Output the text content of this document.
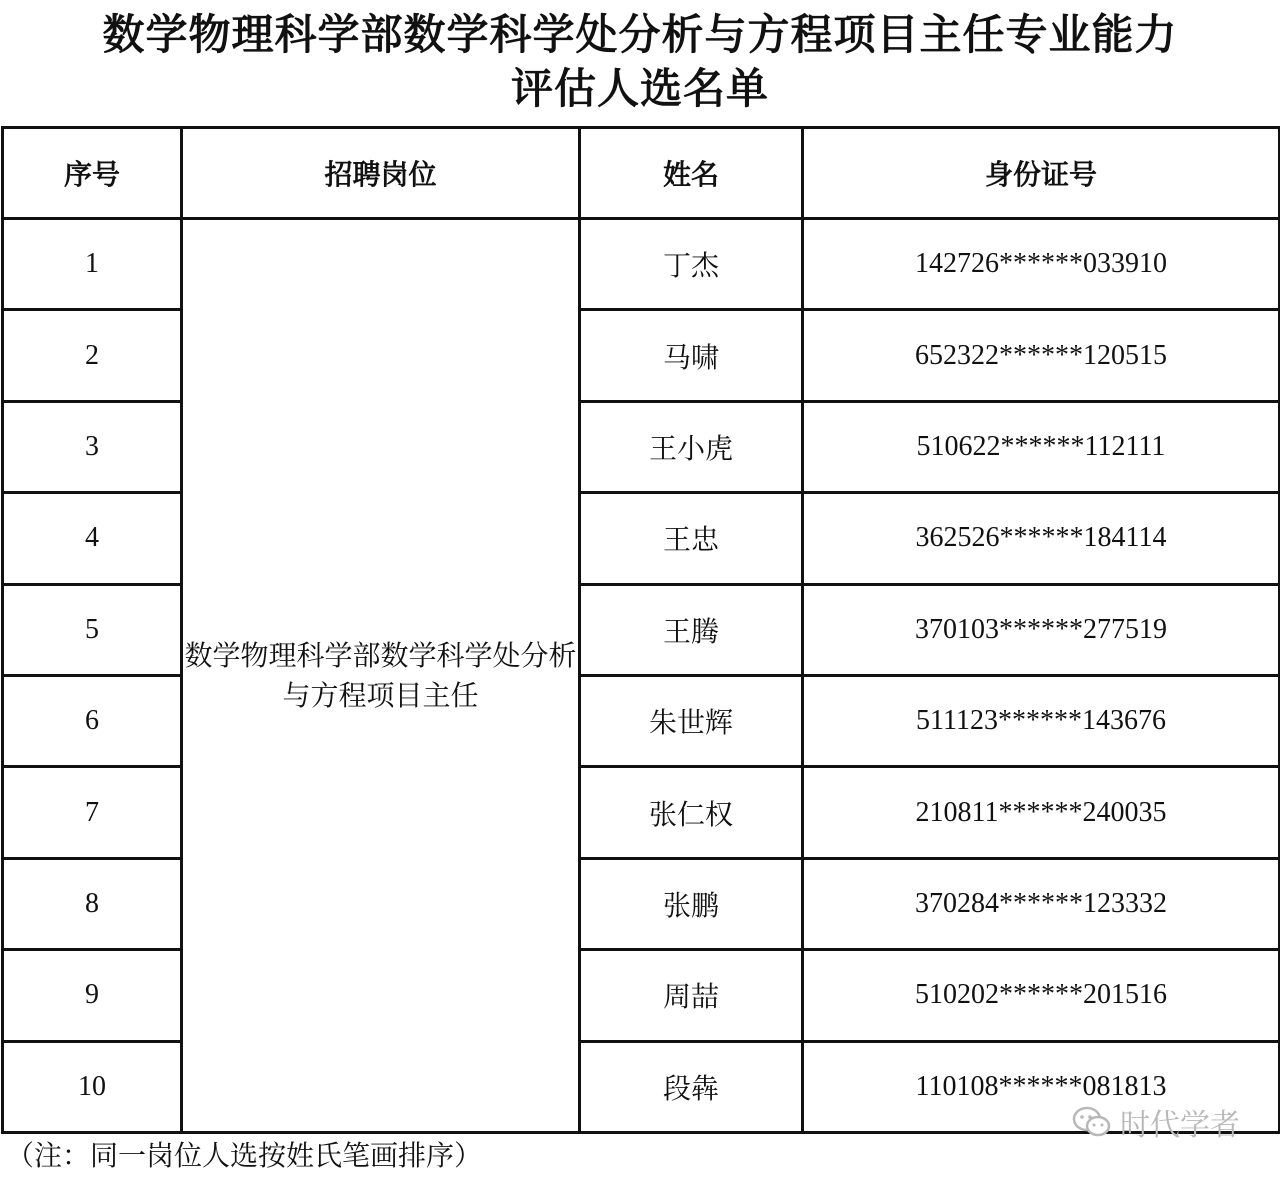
数学物理科学部数学科学处分析与方程项目主任专业能力
评估人选名单
序号	招聘岗位	姓名	身份证号
1	数学物理科学部数学科学处分析与方程项目主任	丁杰	142726******033910
2		马啸	652322******120515
3		王小虎	510622******112111
4		王忠	362526******184114
5		王腾	370103******277519
6		朱世辉	511123******143676
7		张仁权	210811******240035
8		张鹏	370284******123332
9		周喆	510202******201516
10		段犇	110108******081813
（注：同一岗位人选按姓氏笔画排序）
时代学者
